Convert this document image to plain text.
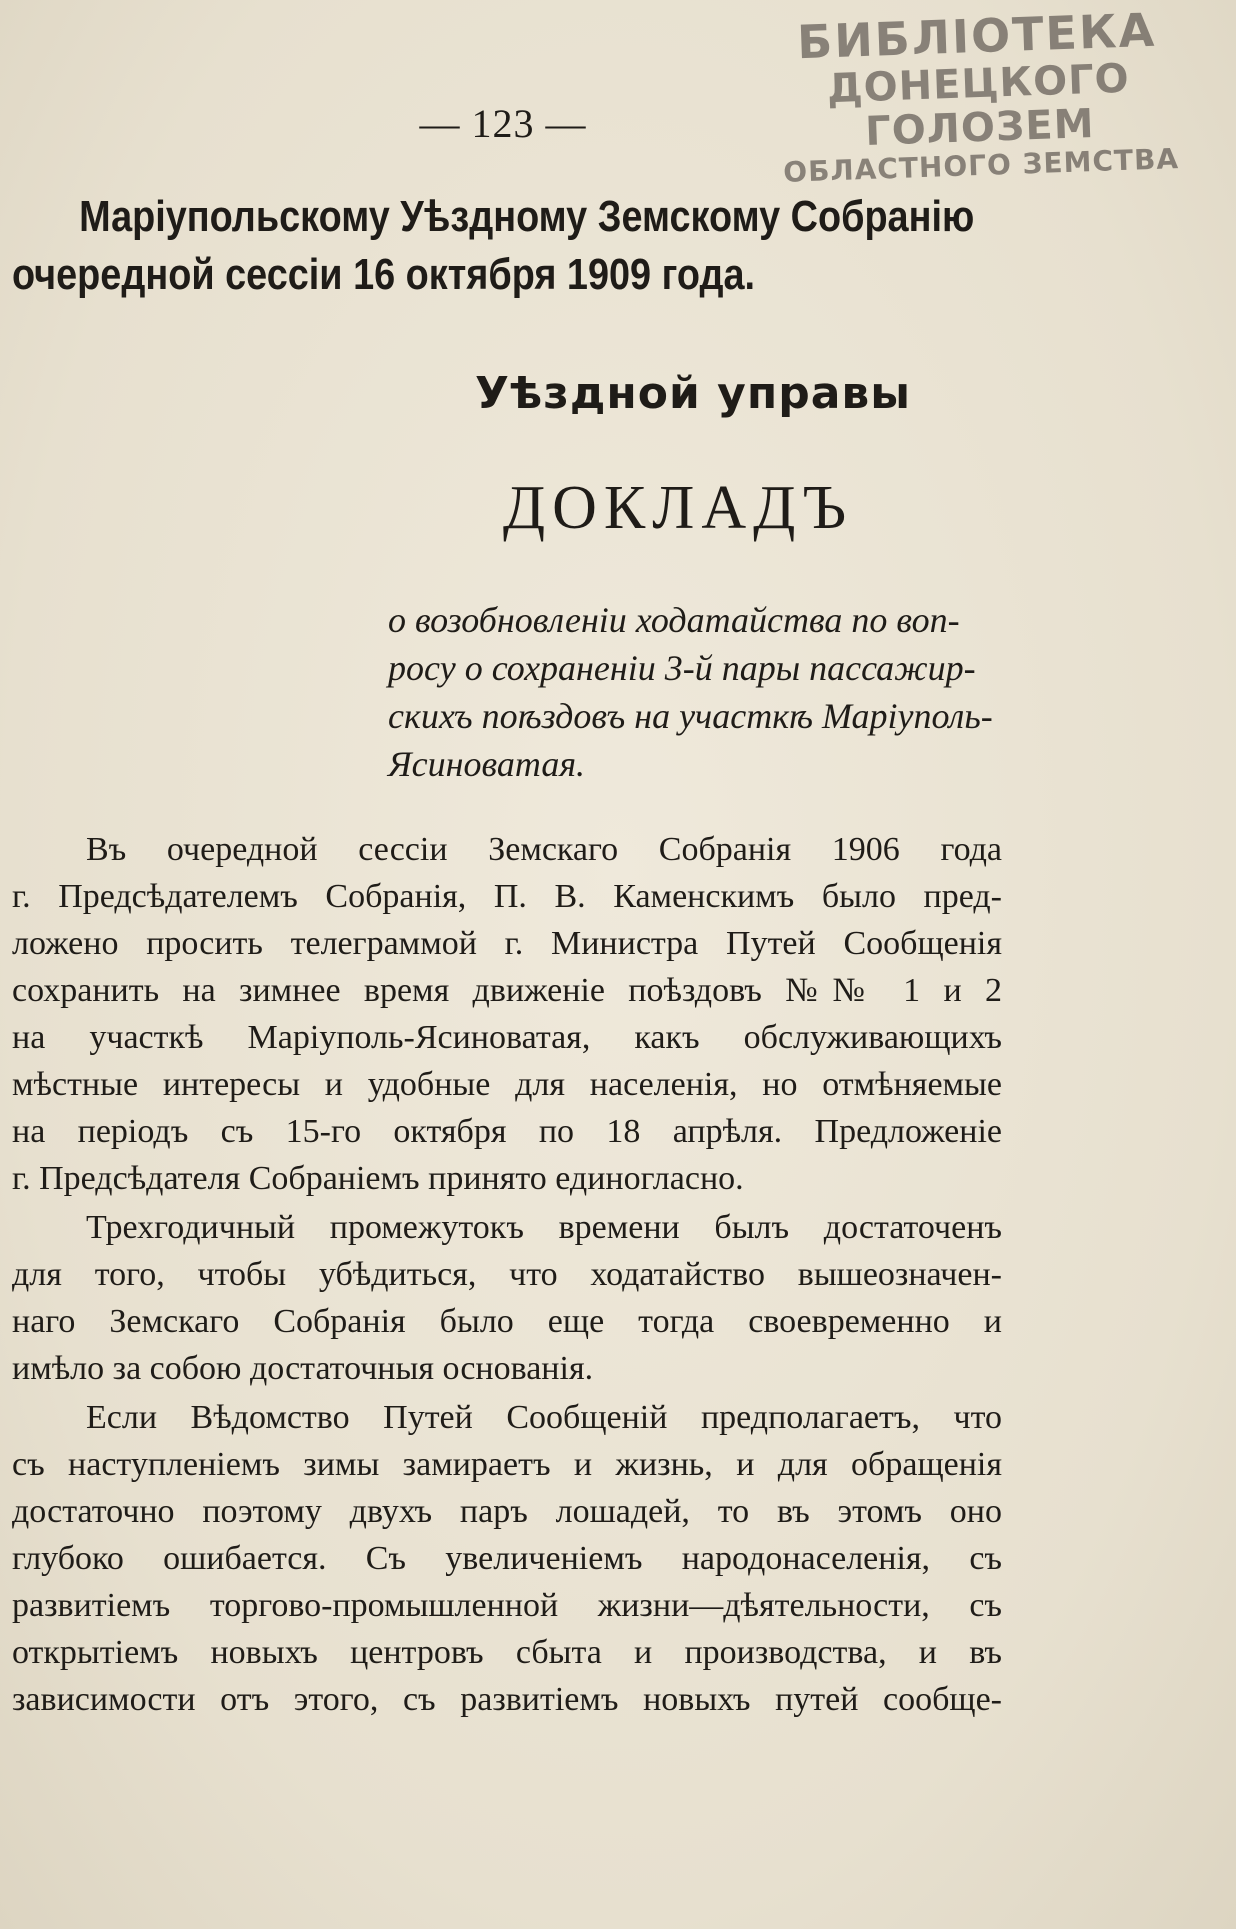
БИБЛІОТЕКА
ДОНЕЦКОГО ГОЛОЗЕМ
ОБЛАСТНОГО ЗЕМСТВА
— 123 —
Маріупольскому Уѣздному Земскому Собранію
очередной сессіи 16 октября 1909 года.
Уѣздной управы
ДОКЛАДЪ
о возобновленіи ходатайства по воп-
росу о сохраненіи 3-й пары пассажир-
скихъ поѣздовъ на участкѣ Маріуполь-
Ясиноватая.
Въ очередной сессіи Земскаго Собранія 1906 года
г. Предсѣдателемъ Собранія, П. В. Каменскимъ было пред-
ложено просить телеграммой г. Министра Путей Сообщенія
сохранить на зимнее время движеніе поѣздовъ №№ 1 и 2
на участкѣ Маріуполь-Ясиноватая, какъ обслуживающихъ
мѣстные интересы и удобные для населенія, но отмѣняемые
на періодъ съ 15-го октября по 18 апрѣля. Предложеніе
г. Предсѣдателя Собраніемъ принято единогласно.
Трехгодичный промежутокъ времени былъ достаточенъ
для того, чтобы убѣдиться, что ходатайство вышеозначен-
наго Земскаго Собранія было еще тогда своевременно и
имѣло за собою достаточныя основанія.
Если Вѣдомство Путей Сообщеній предполагаетъ, что
съ наступленіемъ зимы замираетъ и жизнь, и для обращенія
достаточно поэтому двухъ паръ лошадей, то въ этомъ оно
глубоко ошибается. Съ увеличеніемъ народонаселенія, съ
развитіемъ торгово-промышленной жизни—дѣятельности, съ
открытіемъ новыхъ центровъ сбыта и производства, и въ
зависимости отъ этого, съ развитіемъ новыхъ путей сообще-
